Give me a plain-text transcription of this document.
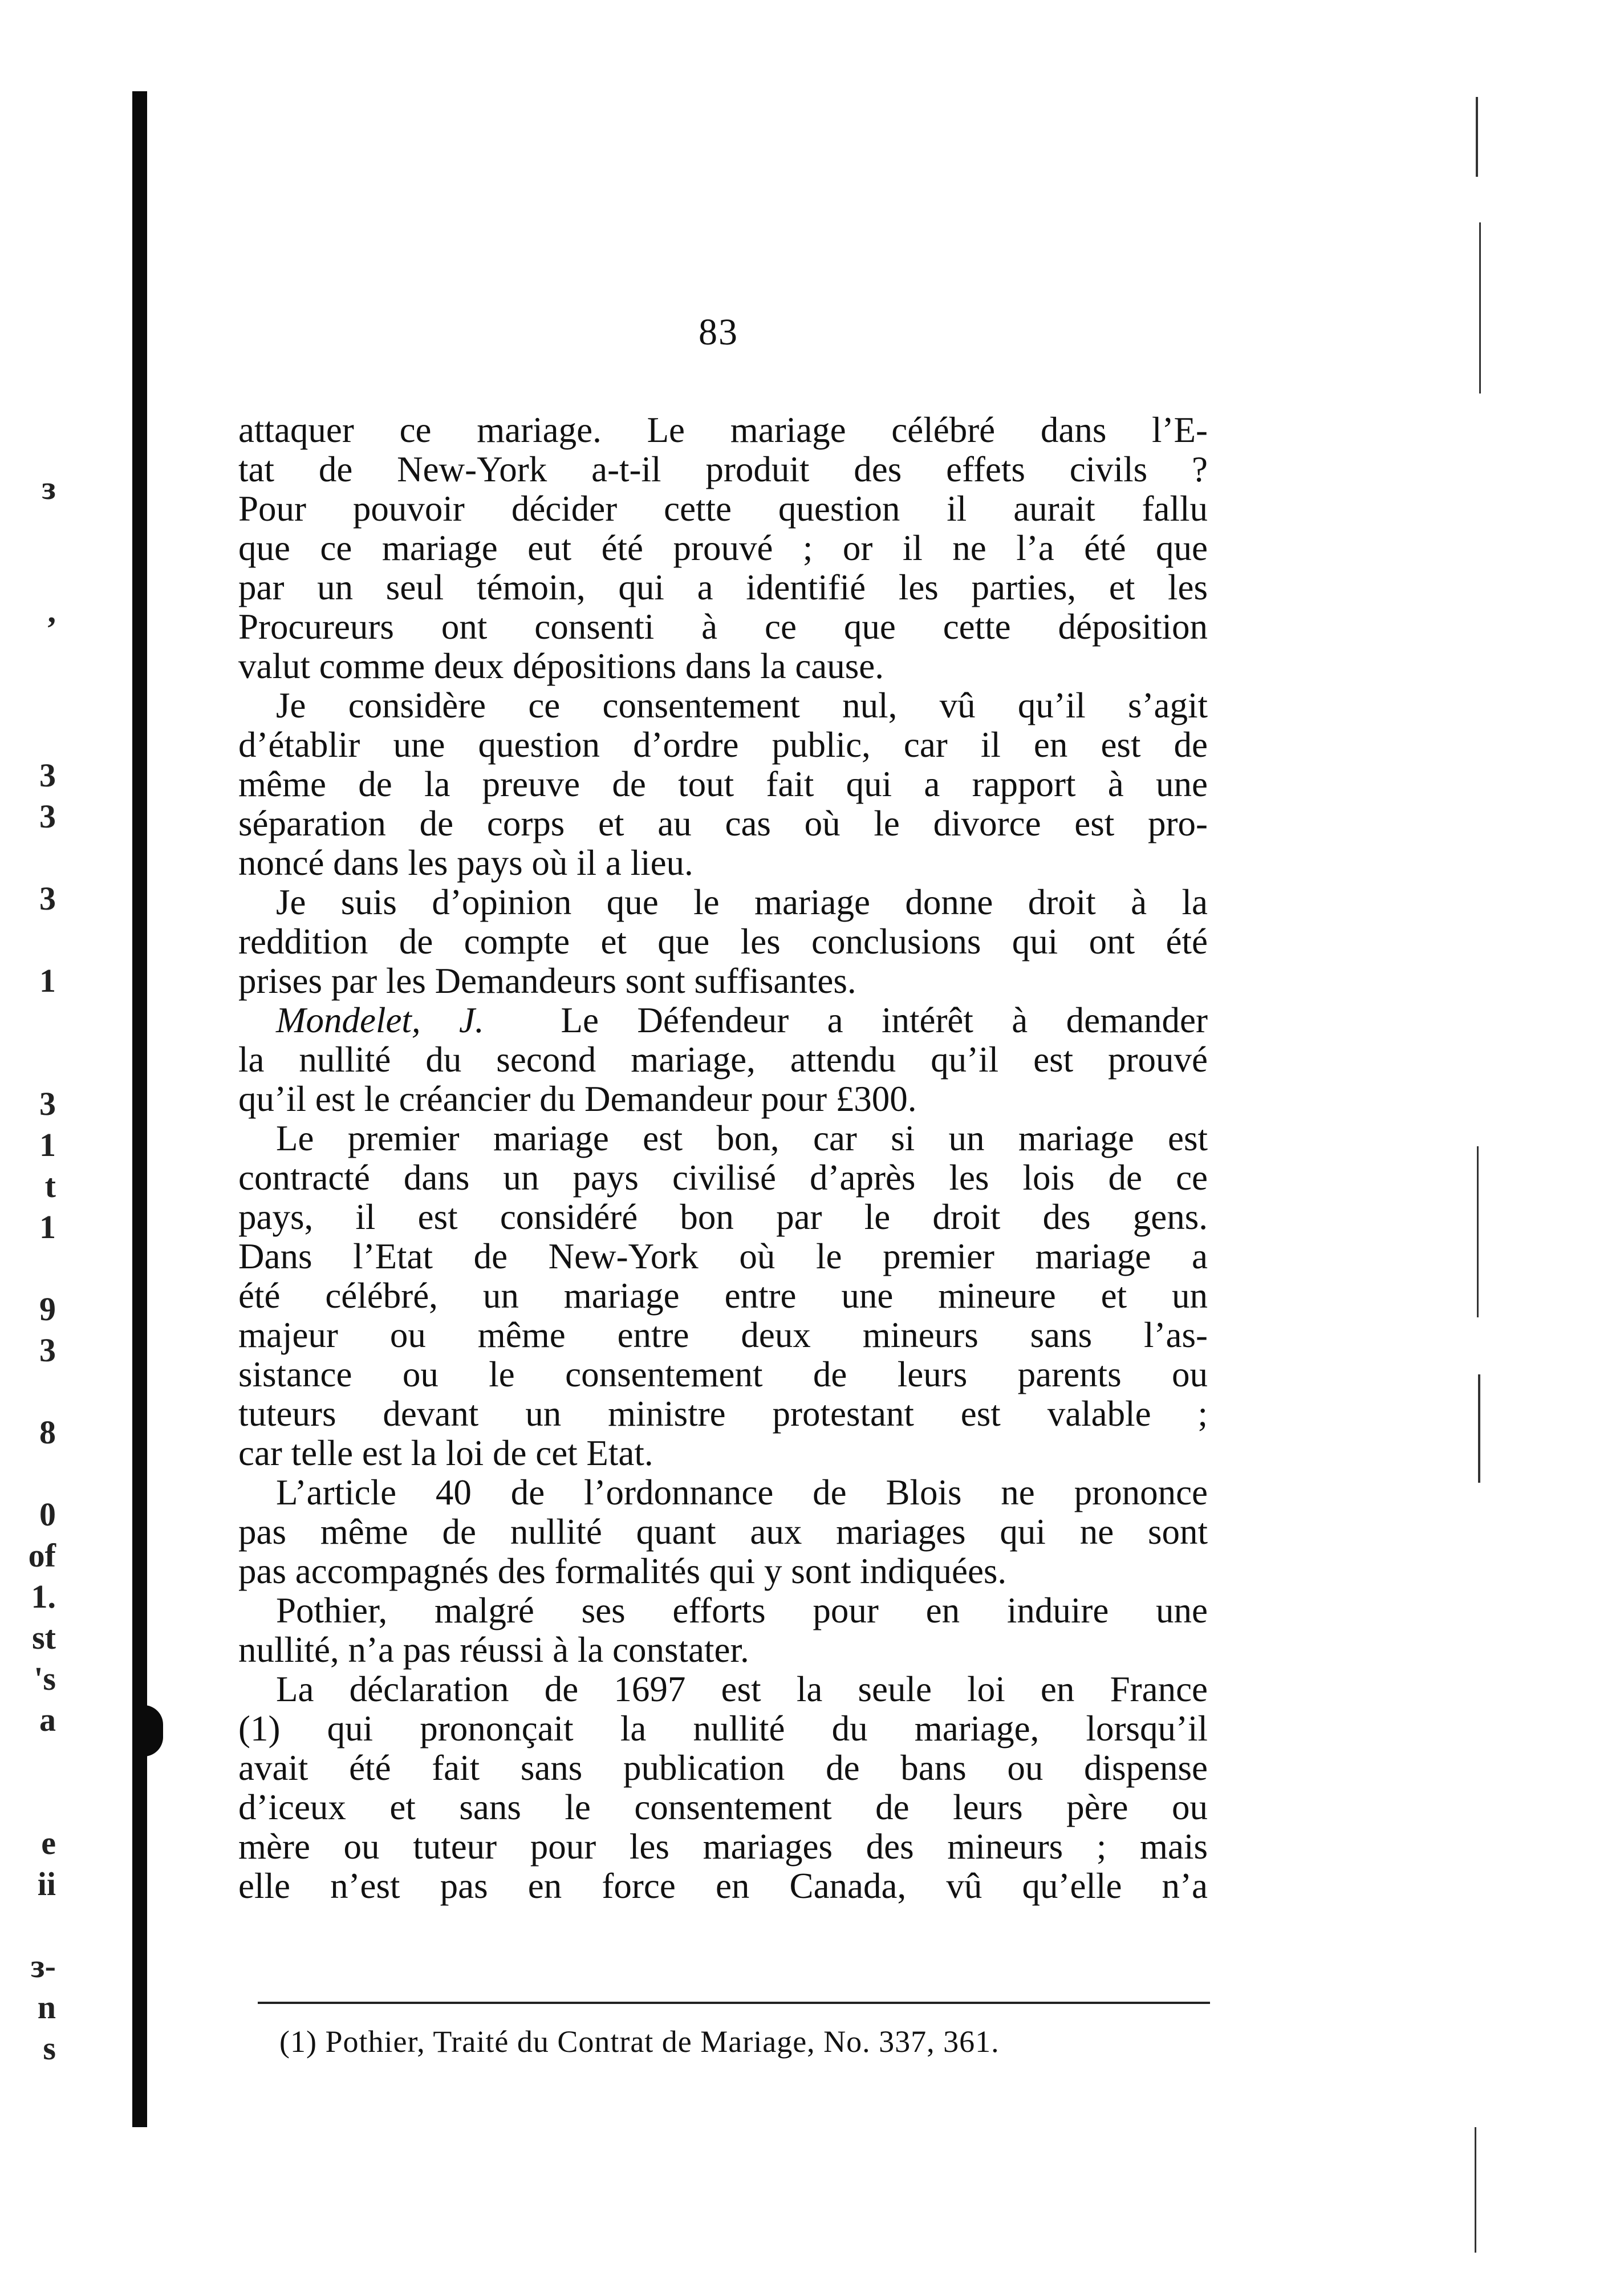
ɜ

,

3
3

3

1

3
1
t
1

9
3

8

0
of
1.
st
's
a

e
ii

ɜ-
n
s
83
attaquer ce mariage. Le mariage célébré dans l’E-
tat de New-York a-t-il produit des effets civils ?
Pour pouvoir décider cette question il aurait fallu
que ce mariage eut été prouvé ; or il ne l’a été que
par un seul témoin, qui a identifié les parties, et les
Procureurs ont consenti à ce que cette déposition
valut comme deux dépositions dans la cause.
Je considère ce consentement nul, vû qu’il s’agit
d’établir une question d’ordre public, car il en est de
même de la preuve de tout fait qui a rapport à une
séparation de corps et au cas où le divorce est pro-
noncé dans les pays où il a lieu.
Je suis d’opinion que le mariage donne droit à la
reddition de compte et que les conclusions qui ont été
prises par les Demandeurs sont suffisantes.
Mondelet, J. Le Défendeur a intérêt à demander
la nullité du second mariage, attendu qu’il est prouvé
qu’il est le créancier du Demandeur pour £300.
Le premier mariage est bon, car si un mariage est
contracté dans un pays civilisé d’après les lois de ce
pays, il est considéré bon par le droit des gens.
Dans l’Etat de New-York où le premier mariage a
été célébré, un mariage entre une mineure et un
majeur ou même entre deux mineurs sans l’as-
sistance ou le consentement de leurs parents ou
tuteurs devant un ministre protestant est valable ;
car telle est la loi de cet Etat.
L’article 40 de l’ordonnance de Blois ne prononce
pas même de nullité quant aux mariages qui ne sont
pas accompagnés des formalités qui y sont indiquées.
Pothier, malgré ses efforts pour en induire une
nullité, n’a pas réussi à la constater.
La déclaration de 1697 est la seule loi en France
(1) qui prononçait la nullité du mariage, lorsqu’il
avait été fait sans publication de bans ou dispense
d’iceux et sans le consentement de leurs père ou
mère ou tuteur pour les mariages des mineurs ; mais
elle n’est pas en force en Canada, vû qu’elle n’a
(1) Pothier, Traité du Contrat de Mariage, No. 337, 361.
